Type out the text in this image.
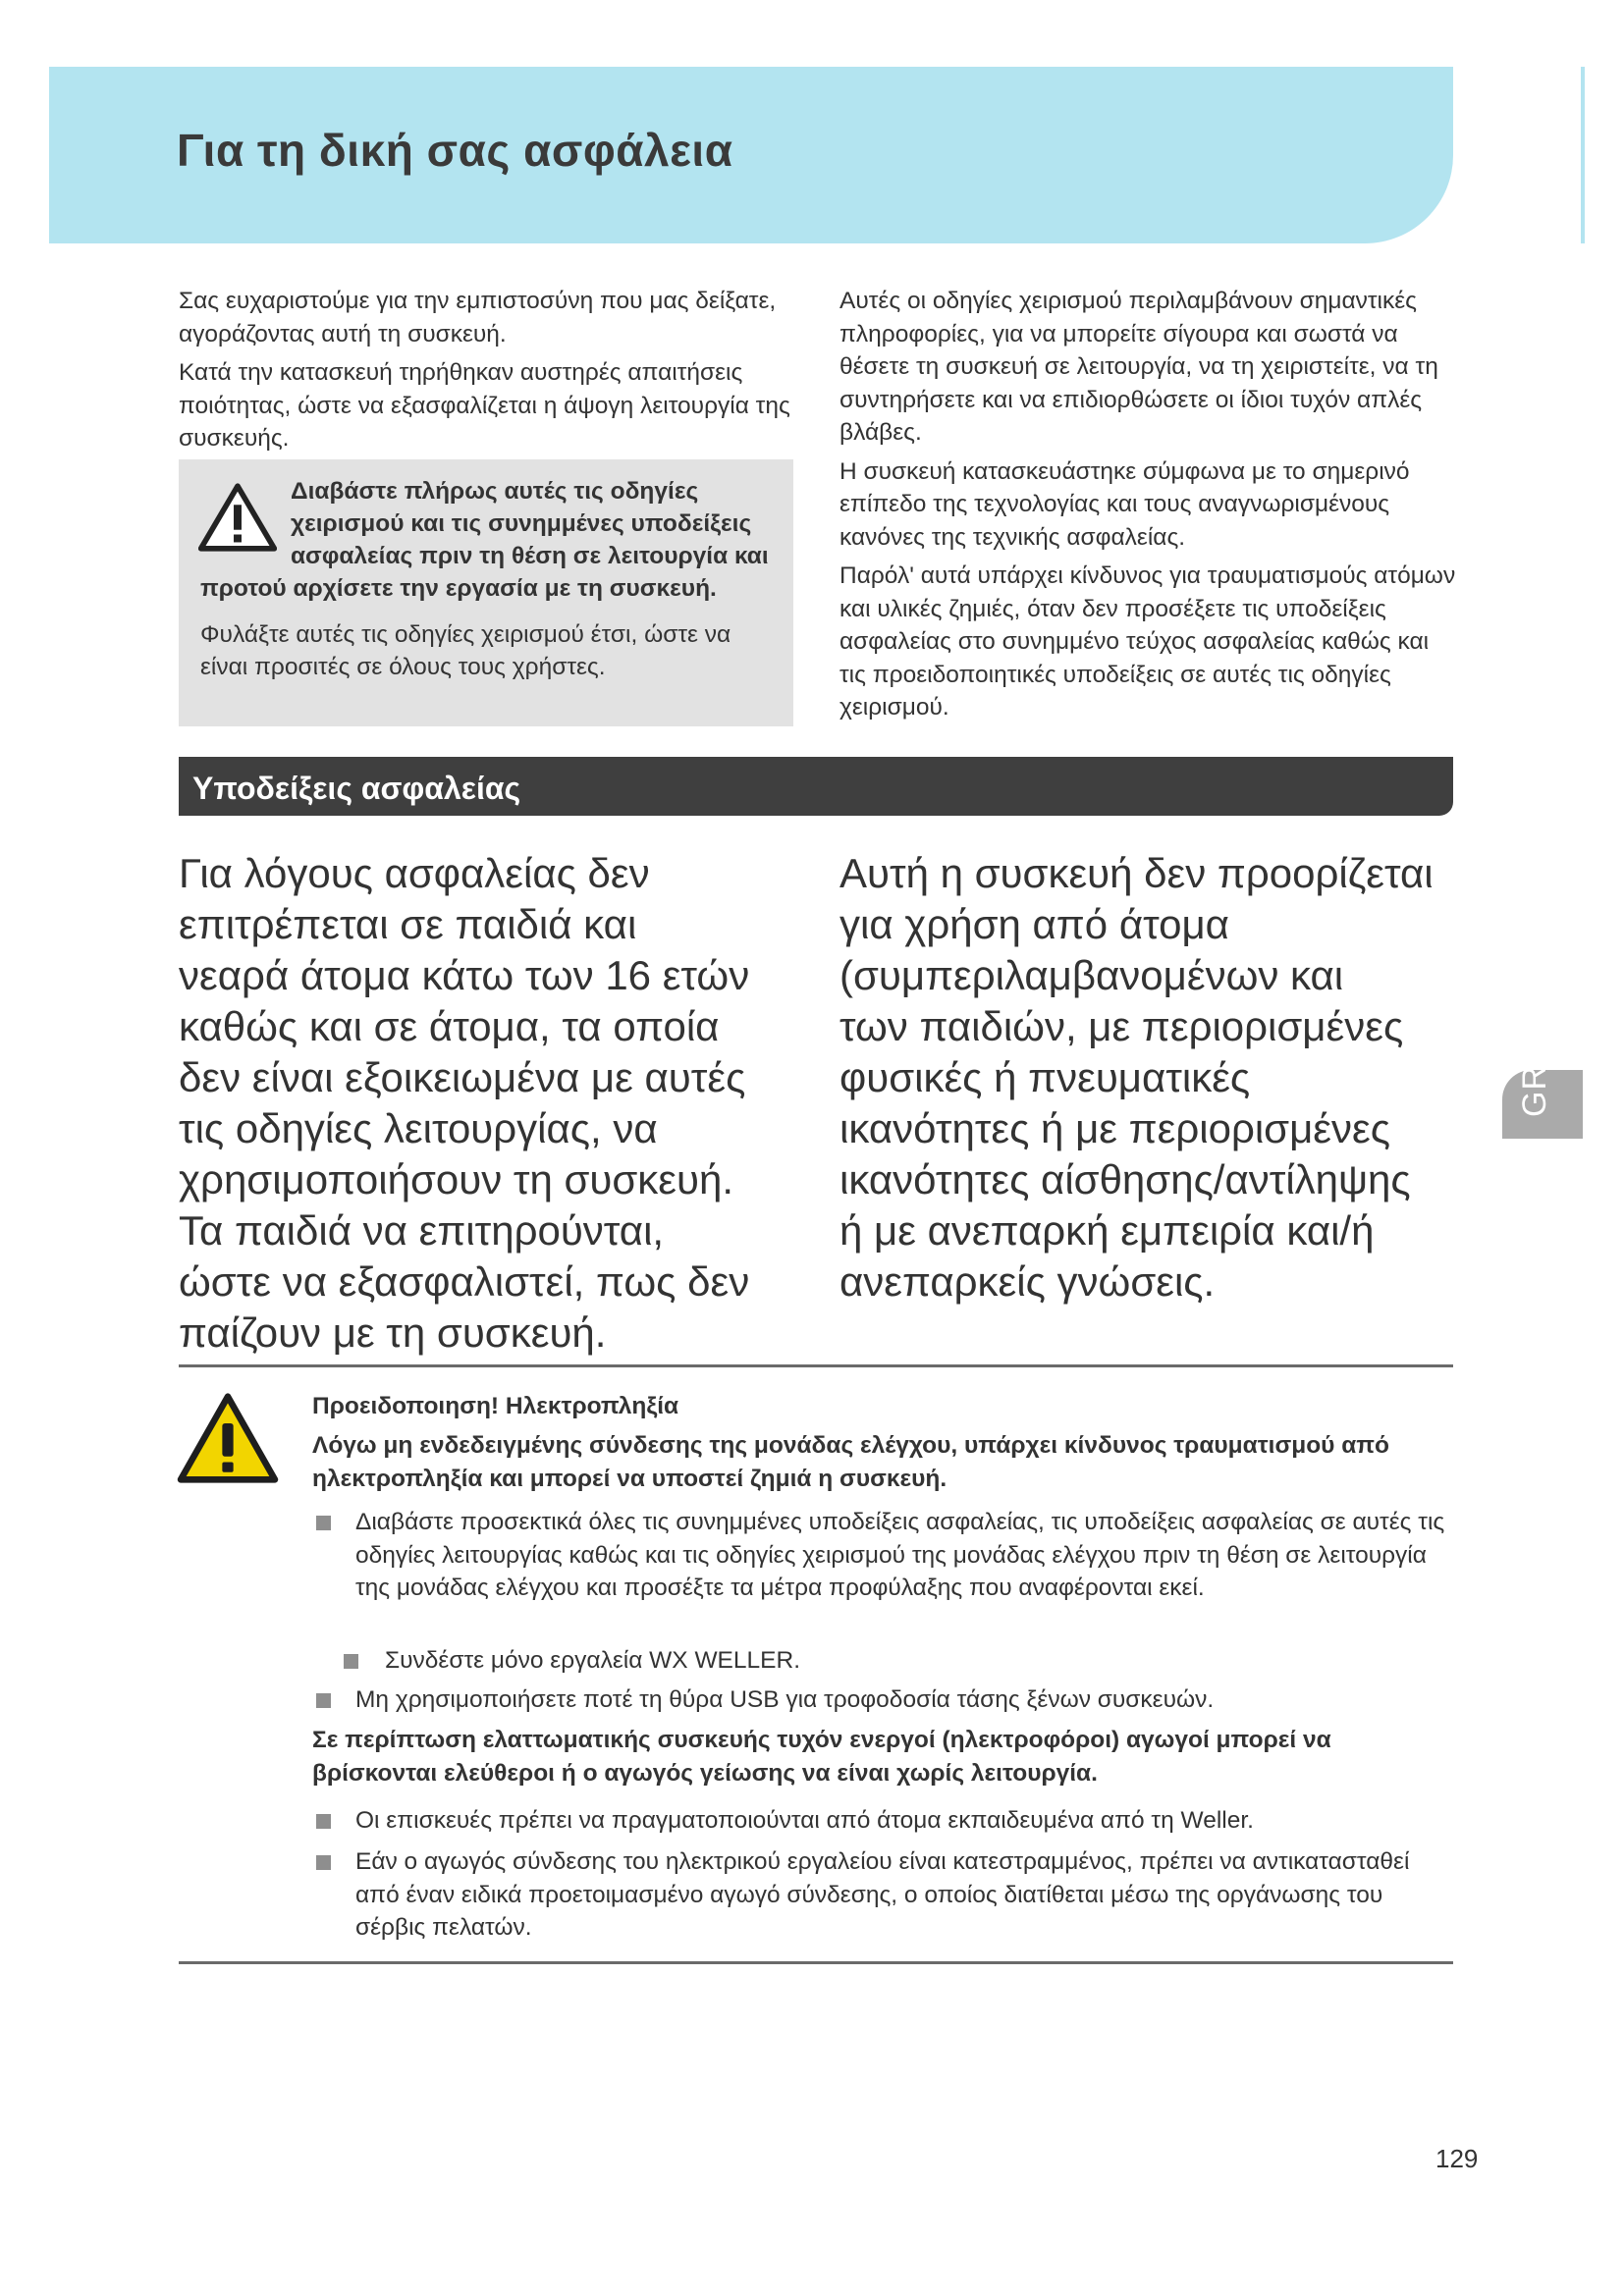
Για τη δική σας ασφάλεια

Σας ευχαριστούμε για την εμπιστοσύνη που μας δείξατε, αγοράζοντας αυτή τη συσκευή.

Κατά την κατασκευή τηρήθηκαν αυστηρές απαιτήσεις ποιότητας, ώστε να εξασφαλίζεται η άψογη λειτουργία της συσκευής.

Διαβάστε πλήρως αυτές τις οδηγίες χειρισμού και τις συνημμένες υποδείξεις ασφαλείας πριν τη θέση σε λειτουργία και προτού αρχίσετε την εργασία με τη συσκευή.

Φυλάξτε αυτές τις οδηγίες χειρισμού έτσι, ώστε να είναι προσιτές σε όλους τους χρήστες.

Αυτές οι οδηγίες χειρισμού περιλαμβάνουν σημαντικές πληροφορίες, για να μπορείτε σίγουρα και σωστά να θέσετε τη συσκευή σε λειτουργία, να τη χειριστείτε, να τη συντηρήσετε και να επιδιορθώσετε οι ίδιοι τυχόν απλές βλάβες.

Η συσκευή κατασκευάστηκε σύμφωνα με το σημερινό επίπεδο της τεχνολογίας και τους αναγνωρισμένους κανόνες της τεχνικής ασφαλείας.

Παρόλ' αυτά υπάρχει κίνδυνος για τραυματισμούς ατόμων και υλικές ζημιές, όταν δεν προσέξετε τις υποδείξεις ασφαλείας στο συνημμένο τεύχος ασφαλείας καθώς και τις προειδοποιητικές υποδείξεις σε αυτές τις οδηγίες χειρισμού.

Υποδείξεις ασφαλείας
Για λόγους ασφαλείας δεν
επιτρέπεται σε παιδιά και
νεαρά άτομα κάτω των 16 ετών
καθώς και σε άτομα, τα οποία
δεν είναι εξοικειωμένα με αυτές
τις οδηγίες λειτουργίας, να
χρησιμοποιήσουν τη συσκευή.
Τα παιδιά να επιτηρούνται,
ώστε να εξασφαλιστεί, πως δεν
παίζουν με τη συσκευή.
Αυτή η συσκευή δεν προορίζεται
για χρήση από άτομα
(συμπεριλαμβανομένων και
των παιδιών, με περιορισμένες
φυσικές ή πνευματικές
ικανότητες ή με περιορισμένες
ικανότητες αίσθησης/αντίληψης
ή με ανεπαρκή εμπειρία και/ή
ανεπαρκείς γνώσεις.
GR
Προειδοποιηση! Ηλεκτροπληξία
Λόγω μη ενδεδειγμένης σύνδεσης της μονάδας ελέγχου, υπάρχει κίνδυνος τραυματισμού από ηλεκτροπληξία και μπορεί να υποστεί ζημιά η συσκευή.
Διαβάστε προσεκτικά όλες τις συνημμένες υποδείξεις ασφαλείας, τις υποδείξεις ασφαλείας σε αυτές τις οδηγίες λειτουργίας καθώς και τις οδηγίες χειρισμού της μονάδας ελέγχου πριν τη θέση σε λειτουργία της μονάδας ελέγχου και προσέξτε τα μέτρα προφύλαξης που αναφέρονται εκεί.
Συνδέστε μόνο εργαλεία WX WELLER.
Μη χρησιμοποιήσετε ποτέ τη θύρα USB για τροφοδοσία τάσης ξένων συσκευών.
Σε περίπτωση ελαττωματικής συσκευής τυχόν ενεργοί (ηλεκτροφόροι) αγωγοί μπορεί να βρίσκονται ελεύθεροι ή ο αγωγός γείωσης να είναι χωρίς λειτουργία.
Οι επισκευές πρέπει να πραγματοποιούνται από άτομα εκπαιδευμένα από τη Weller.
Εάν ο αγωγός σύνδεσης του ηλεκτρικού εργαλείου είναι κατεστραμμένος, πρέπει να αντικατασταθεί από έναν ειδικά προετοιμασμένο αγωγό σύνδεσης, ο οποίος διατίθεται μέσω της οργάνωσης του σέρβις πελατών.
129
